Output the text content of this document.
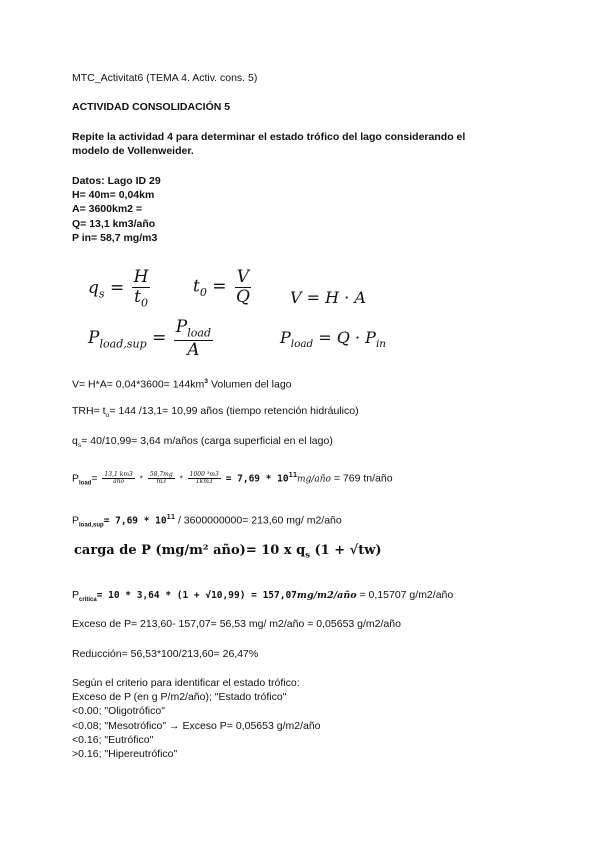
MTC_Activitat6 (TEMA 4. Activ. cons. 5)
ACTIVIDAD CONSOLIDACIÓN 5
Repite la actividad 4 para determinar el estado trófico del lago considerando el
modelo de Vollenweider.
Datos: Lago ID 29
H= 40m= 0,04km
A= 3600km2 =
Q= 13,1 km3/año
P in= 58,7 mg/m3
$q_s = \frac{H}{t_0}$	$t_0 = \frac{V}{Q}$ V = H · A
$P_{load,sup} = \frac{P_{load}}{A}$	$P_{load} = Q \cdot P_{in}$
$V= H*A= 0,04*3600= 144km^3$ Volumen del lago
$TRH= t_o= 144$ /13,1= 10,99 años (tiempo retención hidráulico)
$q_s= 40/10,99= 3,64$ m/años (carga superficial en el lago)
$P_{load}= \frac{13,1 km3}{\text{año}} * \frac{58,7mg}{m3} * \frac{\text{1000 ³m3}}{1km3} = 7,69$ * $10^{11}mg$/año = 769 tn/año
$P_{load,sup}= 7,69 * 10^{11} / 3600000000= 213,60$ mg/ m2/año
carga de P (mg/m² año)= 10 x $q_s$ (1 + √tw)
$P_{critica}= 10 * 3,64 * (1 + √10,99)$ = 157,07mg/m2/año = 0,15707 g/m2/año
Exceso de P= 213,60- 157,07= 56,53 mg/ m2/año = 0,05653 g/m2/año
Reducción= 56,53*100/213,60= 26,47%
Según el criterio para identificar el estado trófico:
Exceso de P (en g P/m2/año); "Estado trófico"
<0.00; "Oligotrófico"
<0.08; "Mesotrófico" → Exceso P= 0,05653 g/m2/año
<0.16; "Eutrófico"
>0.16; "Hipereutrófico"
